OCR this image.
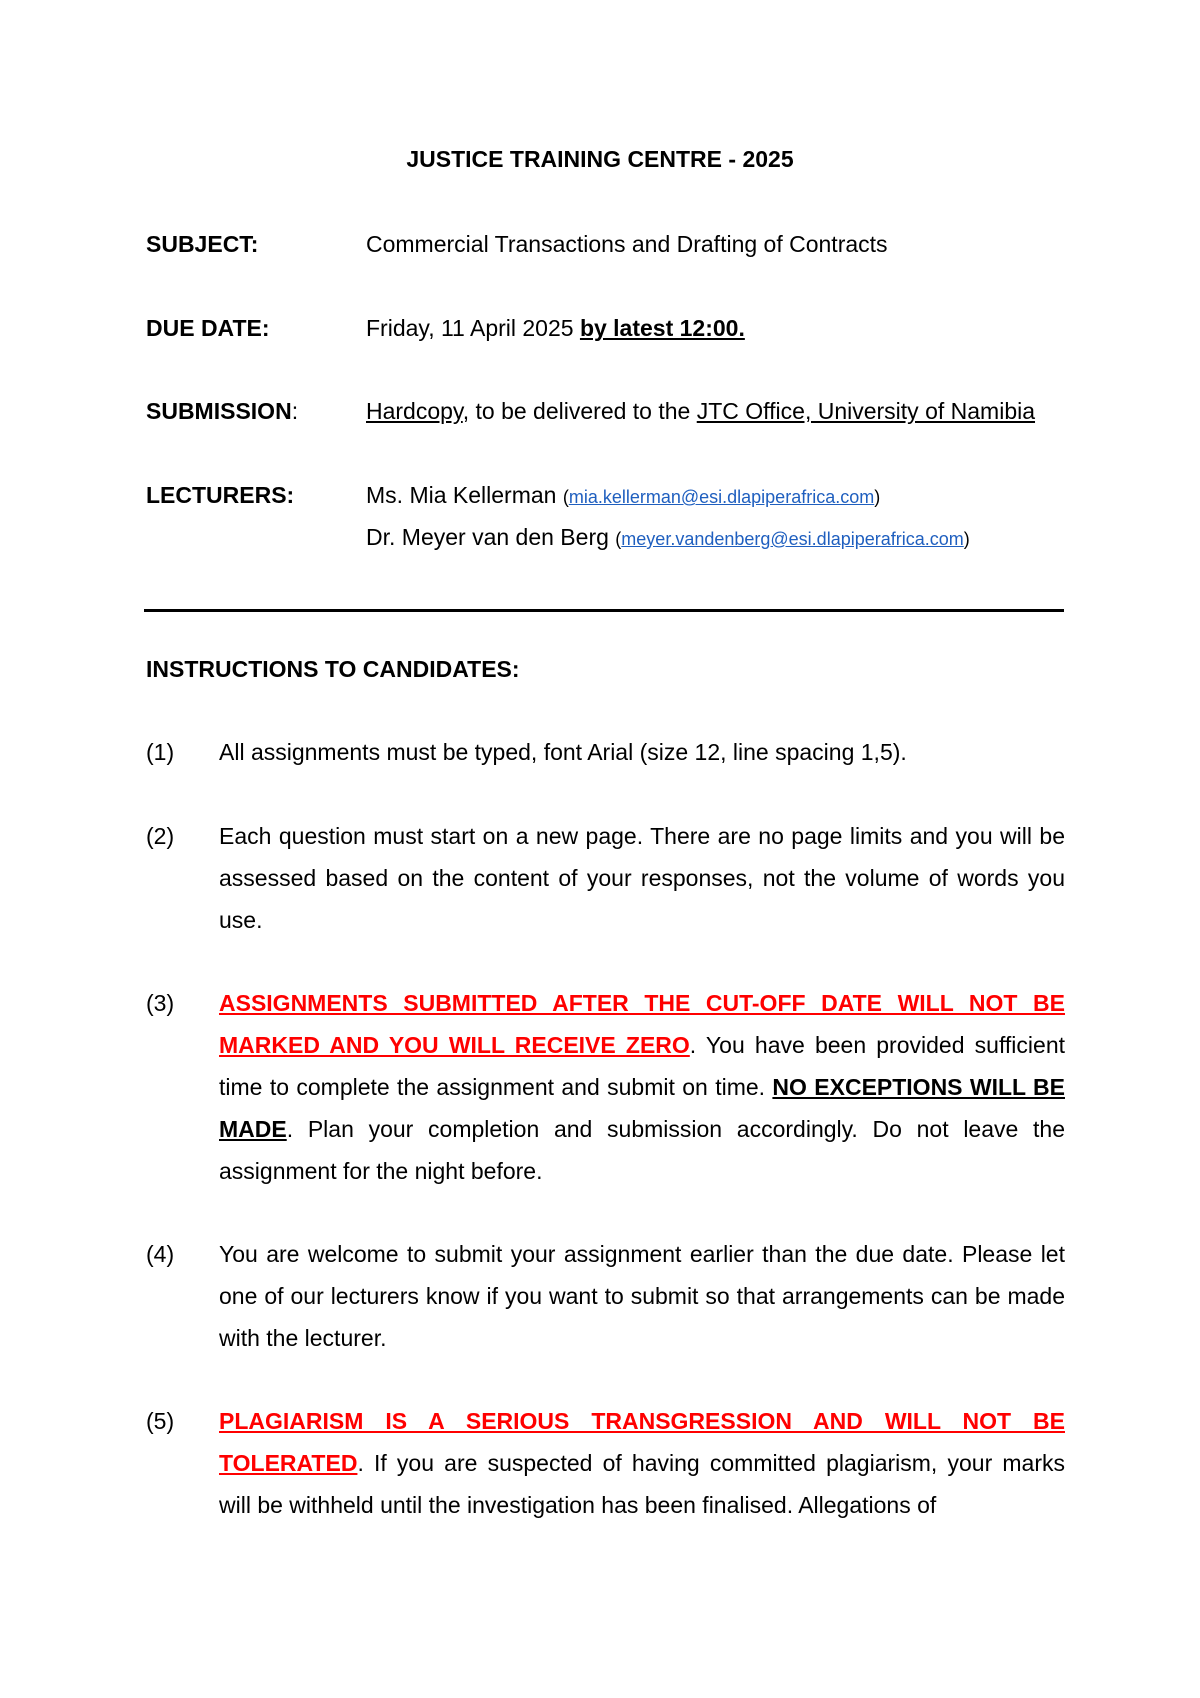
JUSTICE TRAINING CENTRE - 2025
SUBJECT:	Commercial Transactions and Drafting of Contracts
DUE DATE:	Friday, 11 April 2025 by latest 12:00.
SUBMISSION:	Hardcopy, to be delivered to the JTC Office, University of Namibia
LECTURERS:	Ms. Mia Kellerman (mia.kellerman@esi.dlapiperafrica.com)
Dr. Meyer van den Berg (meyer.vandenberg@esi.dlapiperafrica.com)
INSTRUCTIONS TO CANDIDATES:
(1) All assignments must be typed, font Arial (size 12, line spacing 1,5).

(2) Each question must start on a new page. There are no page limits and you will be assessed based on the content of your responses, not the volume of words you use.

(3) ASSIGNMENTS SUBMITTED AFTER THE CUT-OFF DATE WILL NOT BE MARKED AND YOU WILL RECEIVE ZERO. You have been provided sufficient time to complete the assignment and submit on time. NO EXCEPTIONS WILL BE MADE. Plan your completion and submission accordingly. Do not leave the assignment for the night before.

(4) You are welcome to submit your assignment earlier than the due date. Please let one of our lecturers know if you want to submit so that arrangements can be made with the lecturer.

(5) PLAGIARISM IS A SERIOUS TRANSGRESSION AND WILL NOT BE TOLERATED. If you are suspected of having committed plagiarism, your marks will be withheld until the investigation has been finalised. Allegations of
